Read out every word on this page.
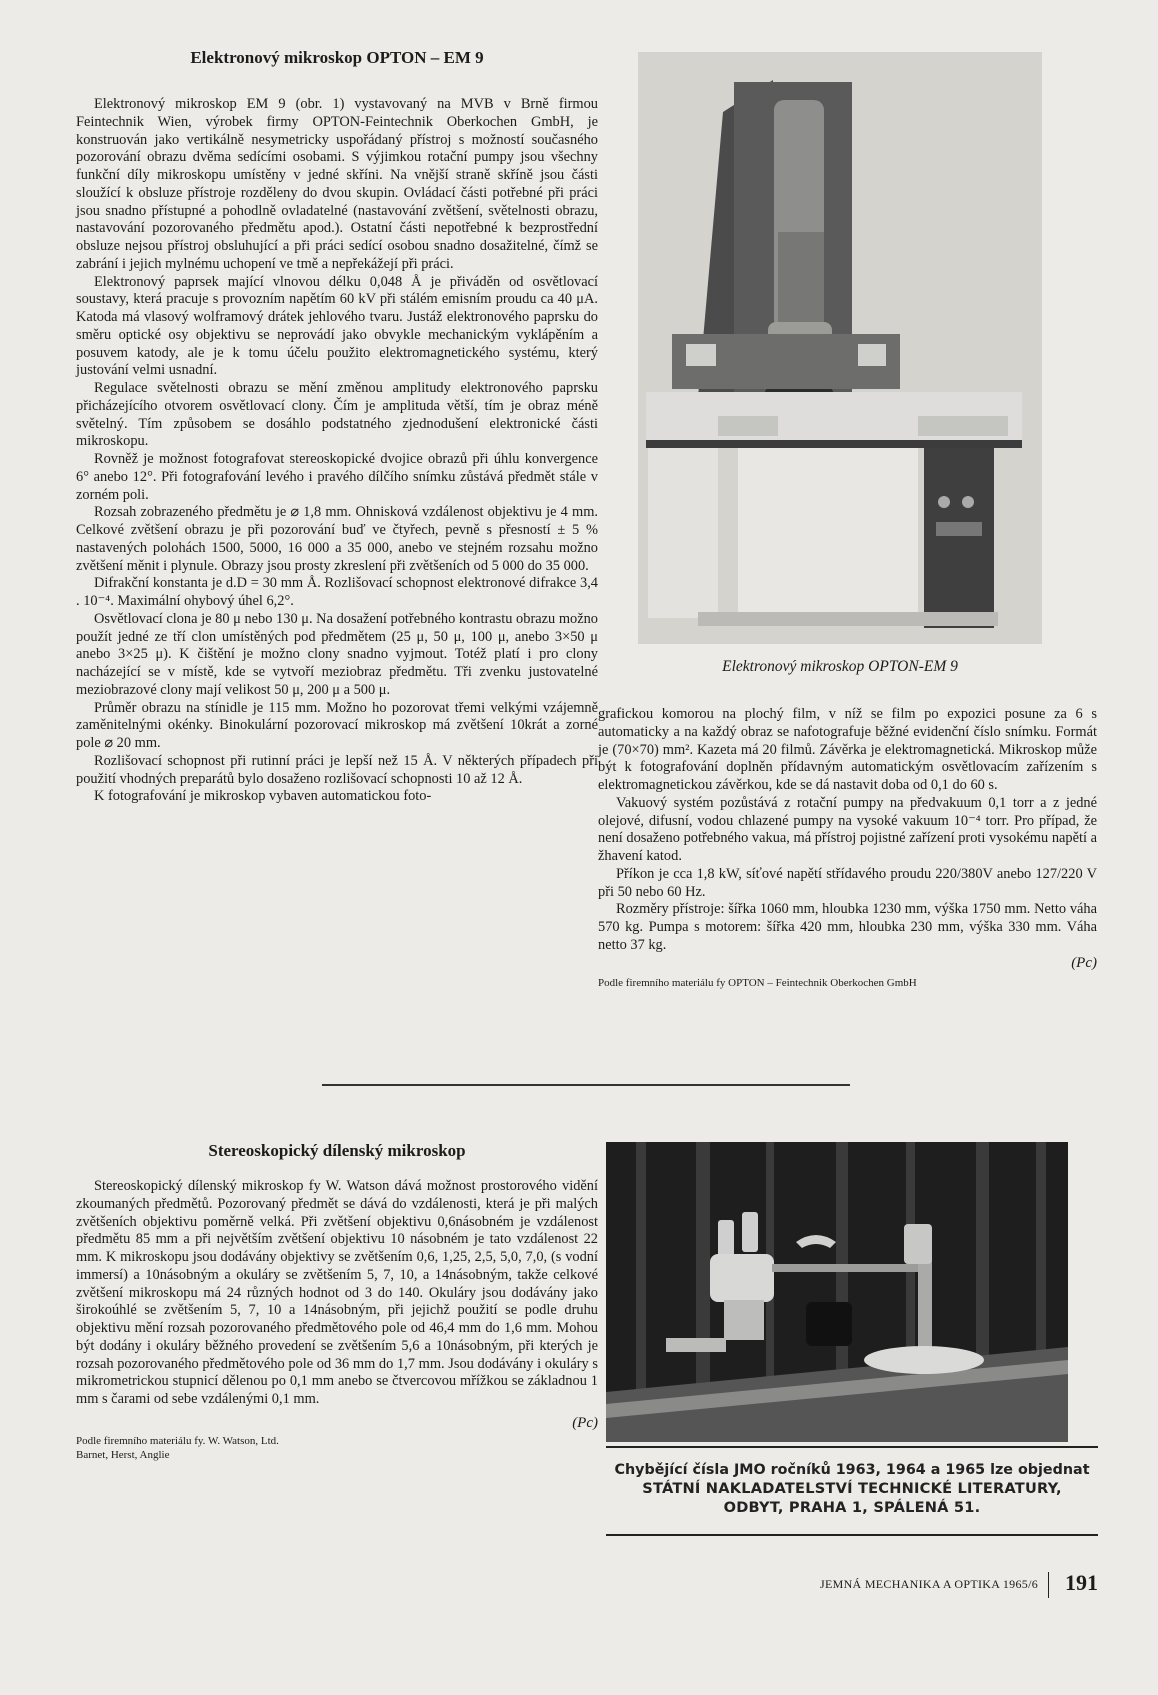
Elektronový mikroskop OPTON – EM 9

Elektronový mikroskop EM 9 (obr. 1) vystavovaný na MVB v Brně firmou Feintechnik Wien, výrobek firmy OPTON-Feintechnik Oberkochen GmbH, je konstruován jako vertikálně nesymetricky uspořádaný přístroj s možností současného pozorování obrazu dvěma sedícími osobami. S výjimkou rotační pumpy jsou všechny funkční díly mikroskopu umístěny v jedné skříni. Na vnější straně skříně jsou části sloužící k obsluze přístroje rozděleny do dvou skupin. Ovládací části potřebné při práci jsou snadno přístupné a pohodlně ovladatelné (nastavování zvětšení, světelnosti obrazu, nastavování pozorovaného předmětu apod.). Ostatní části nepotřebné k bezprostřední obsluze nejsou přístroj obsluhující a při práci sedící osobou snadno dosažitelné, čímž se zabrání i jejich mylnému uchopení ve tmě a nepřekážejí při práci.

Elektronový paprsek mající vlnovou délku 0,048 Å je přiváděn od osvětlovací soustavy, která pracuje s provozním napětím 60 kV při stálém emisním proudu ca 40 μA. Katoda má vlasový wolframový drátek jehlového tvaru. Justáž elektronového paprsku do směru optické osy objektivu se neprovádí jako obvykle mechanickým vyklápěním a posuvem katody, ale je k tomu účelu použito elektromagnetického systému, který justování velmi usnadní.

Regulace světelnosti obrazu se mění změnou amplitudy elektronového paprsku přicházejícího otvorem osvětlovací clony. Čím je amplituda větší, tím je obraz méně světelný. Tím způsobem se dosáhlo podstatného zjednodušení elektronické části mikroskopu.

Rovněž je možnost fotografovat stereoskopické dvojice obrazů při úhlu konvergence 6° anebo 12°. Při fotografování levého i pravého dílčího snímku zůstává předmět stále v zorném poli.

Rozsah zobrazeného předmětu je ⌀ 1,8 mm. Ohnisková vzdálenost objektivu je 4 mm. Celkové zvětšení obrazu je při pozorování buď ve čtyřech, pevně s přesností ± 5 % nastavených polohách 1500, 5000, 16 000 a 35 000, anebo ve stejném rozsahu možno zvětšení měnit i plynule. Obrazy jsou prosty zkreslení při zvětšeních od 5 000 do 35 000.

Difrakční konstanta je d.D = 30 mm Å. Rozlišovací schopnost elektronové difrakce 3,4 . 10⁻⁴. Maximální ohybový úhel 6,2°.

Osvětlovací clona je 80 μ nebo 130 μ. Na dosažení potřebného kontrastu obrazu možno použít jedné ze tří clon umístěných pod předmětem (25 μ, 50 μ, 100 μ, anebo 3×50 μ anebo 3×25 μ). K čištění je možno clony snadno vyjmout. Totéž platí i pro clony nacházející se v místě, kde se vytvoří meziobraz předmětu. Tři zvenku justovatelné meziobrazové clony mají velikost 50 μ, 200 μ a 500 μ.

Průměr obrazu na stínidle je 115 mm. Možno ho pozorovat třemi velkými vzájemně zaměnitelnými okénky. Binokulární pozorovací mikroskop má zvětšení 10krát a zorné pole ⌀ 20 mm.

Rozlišovací schopnost při rutinní práci je lepší než 15 Å. V některých případech při použití vhodných preparátů bylo dosaženo rozlišovací schopnosti 10 až 12 Å.

K fotografování je mikroskop vybaven automatickou foto-

Elektronový mikroskop OPTON-EM 9

grafickou komorou na plochý film, v níž se film po expozici posune za 6 s automaticky a na každý obraz se nafotografuje běžné evidenční číslo snímku. Formát je (70×70) mm². Kazeta má 20 filmů. Závěrka je elektromagnetická. Mikroskop může být k fotografování doplněn přídavným automatickým osvětlovacím zařízením s elektromagnetickou závěrkou, kde se dá nastavit doba od 0,1 do 60 s.

Vakuový systém pozůstává z rotační pumpy na předvakuum 0,1 torr a z jedné olejové, difusní, vodou chlazené pumpy na vysoké vakuum 10⁻⁴ torr. Pro případ, že není dosaženo potřebného vakua, má přístroj pojistné zařízení proti vysokému napětí a žhavení katod.

Příkon je cca 1,8 kW, síťové napětí střídavého proudu 220/380V anebo 127/220 V při 50 nebo 60 Hz.

Rozměry přístroje: šířka 1060 mm, hloubka 1230 mm, výška 1750 mm. Netto váha 570 kg. Pumpa s motorem: šířka 420 mm, hloubka 230 mm, výška 330 mm. Váha netto 37 kg.

(Pc)

Podle firemního materiálu fy OPTON – Feintechnik Oberkochen GmbH

Stereoskopický dílenský mikroskop

Stereoskopický dílenský mikroskop fy W. Watson dává možnost prostorového vidění zkoumaných předmětů. Pozorovaný předmět se dává do vzdálenosti, která je při malých zvětšeních objektivu poměrně velká. Při zvětšení objektivu 0,6násobném je vzdálenost předmětu 85 mm a při největším zvětšení objektivu 10 násobném je tato vzdálenost 22 mm. K mikroskopu jsou dodávány objektivy se zvětšením 0,6, 1,25, 2,5, 5,0, 7,0, (s vodní immersí) a 10násobným a okuláry se zvětšením 5, 7, 10, a 14násobným, takže celkové zvětšení mikroskopu má 24 různých hodnot od 3 do 140. Okuláry jsou dodávány jako širokoúhlé se zvětšením 5, 7, 10 a 14násobným, při jejichž použití se podle druhu objektivu mění rozsah pozorovaného předmětového pole od 46,4 mm do 1,6 mm. Mohou být dodány i okuláry běžného provedení se zvětšením 5,6 a 10násobným, při kterých je rozsah pozorovaného předmětového pole od 36 mm do 1,7 mm. Jsou dodávány i okuláry s mikrometrickou stupnicí dělenou po 0,1 mm anebo se čtvercovou mřížkou se základnou 1 mm s čarami od sebe vzdálenými 0,1 mm.

(Pc)

Podle firemního materiálu fy. W. Watson, Ltd.

Barnet, Herst, Anglie

Chybějící čísla JMO ročníků 1963, 1964 a 1965 lze objednat
STÁTNÍ NAKLADATELSTVÍ TECHNICKÉ LITERATURY,
ODBYT, PRAHA 1, SPÁLENÁ 51.
JEMNÁ MECHANIKA A OPTIKA 1965/6 191
